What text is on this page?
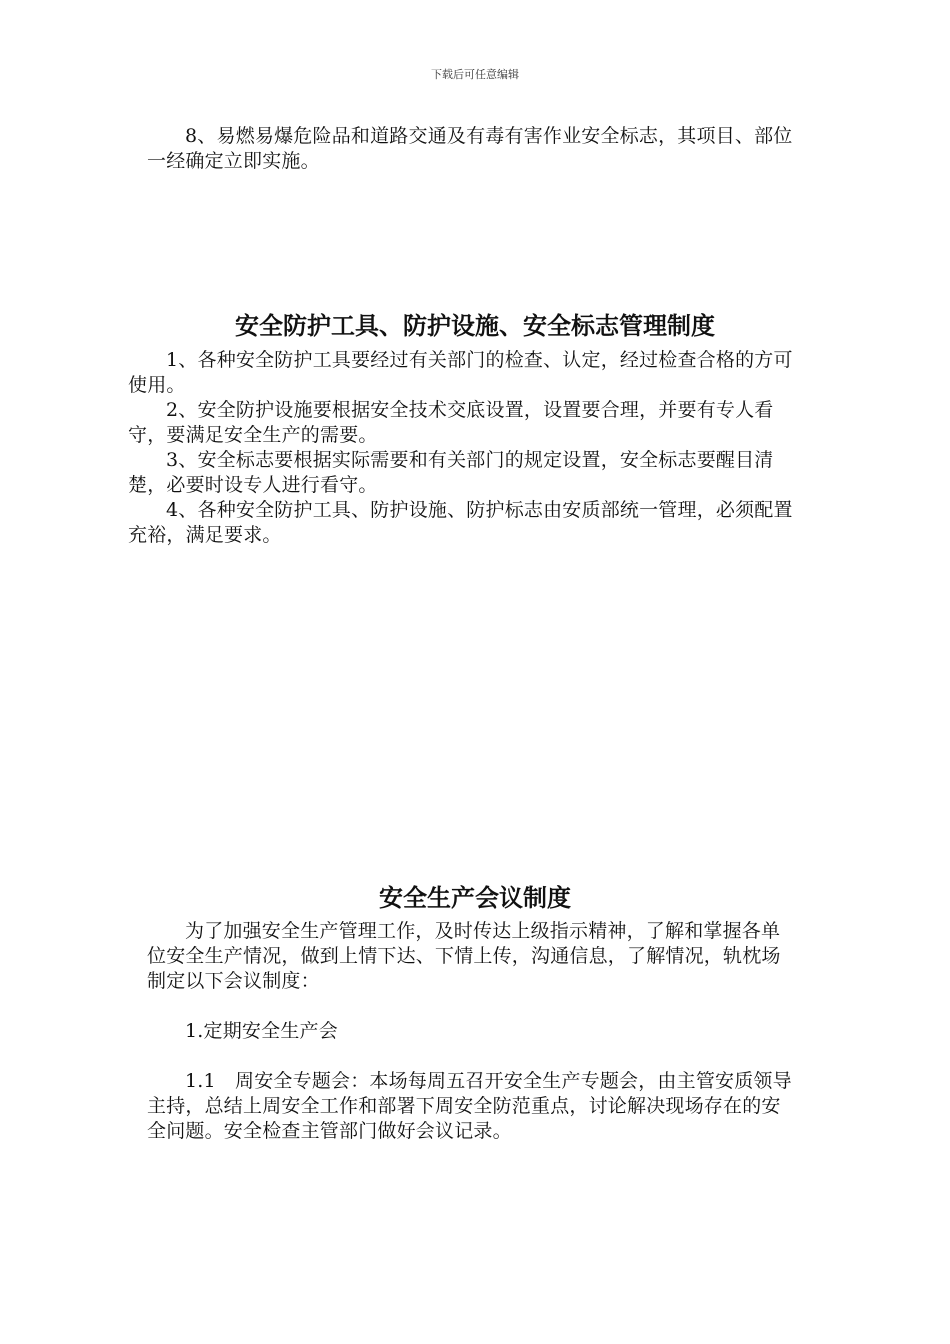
下载后可任意编辑

8、易燃易爆危险品和道路交通及有毒有害作业安全标志，其项目、部位一经确定立即实施。

安全防护工具、防护设施、安全标志管理制度

1、各种安全防护工具要经过有关部门的检查、认定，经过检查合格的方可使用。

2、安全防护设施要根据安全技术交底设置，设置要合理，并要有专人看守，要满足安全生产的需要。

3、安全标志要根据实际需要和有关部门的规定设置，安全标志要醒目清楚，必要时设专人进行看守。

4、各种安全防护工具、防护设施、防护标志由安质部统一管理，必须配置充裕，满足要求。

安全生产会议制度

为了加强安全生产管理工作，及时传达上级指示精神，了解和掌握各单位安全生产情况，做到上情下达、下情上传，沟通信息，了解情况，轨枕场制定以下会议制度：

1.定期安全生产会

1.1　周安全专题会：本场每周五召开安全生产专题会，由主管安质领导主持，总结上周安全工作和部署下周安全防范重点，讨论解决现场存在的安全问题。安全检查主管部门做好会议记录。
